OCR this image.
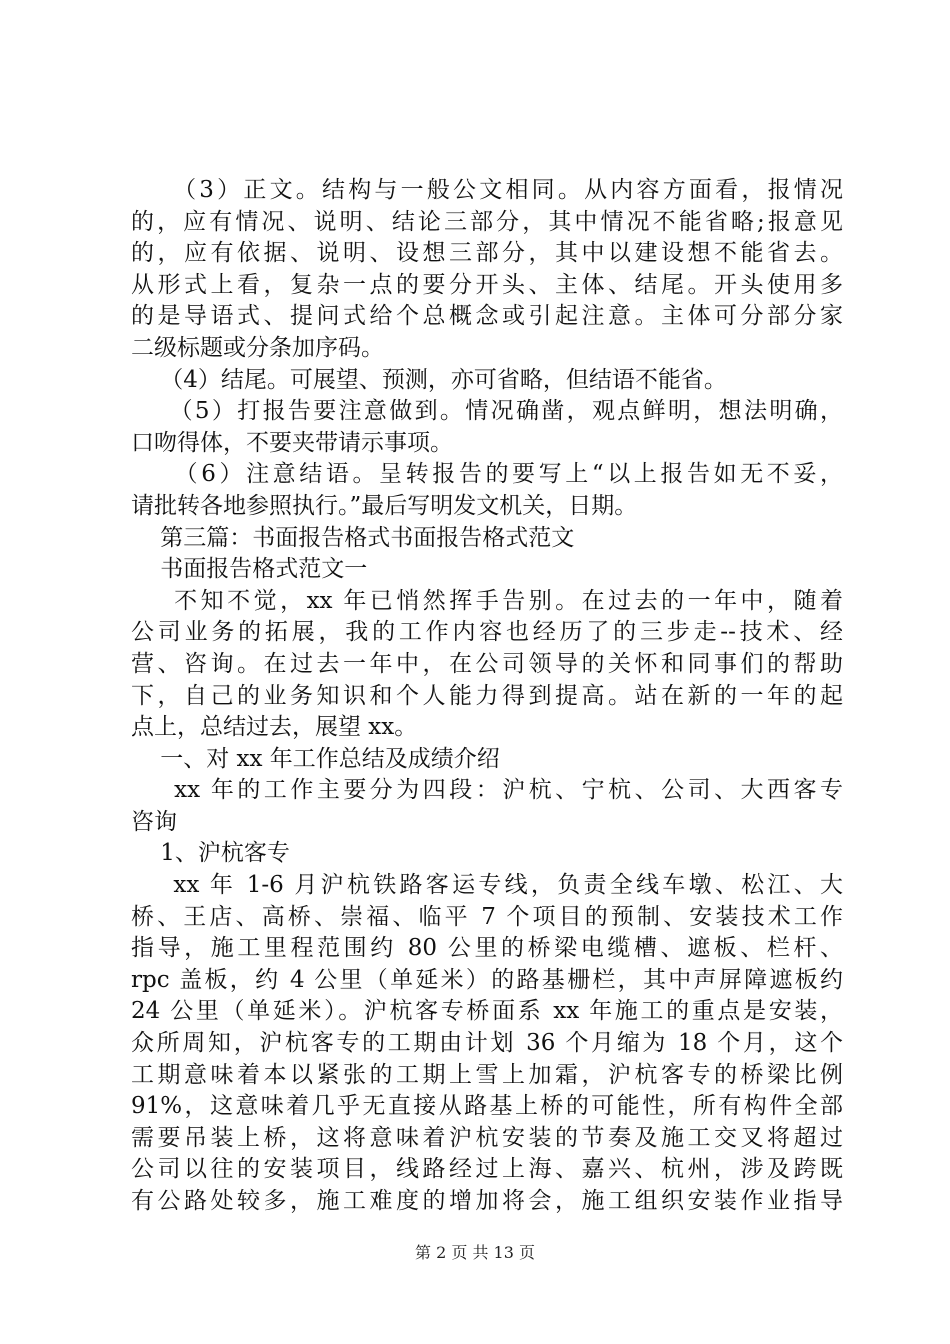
（3）正文。结构与一般公文相同。从内容方面看，报情况
的，应有情况、说明、结论三部分，其中情况不能省略;报意见
的，应有依据、说明、设想三部分，其中以建设想不能省去。
从形式上看，复杂一点的要分开头、主体、结尾。开头使用多
的是导语式、提问式给个总概念或引起注意。主体可分部分家
二级标题或分条加序码。
（4）结尾。可展望、预测，亦可省略，但结语不能省。
（5）打报告要注意做到。情况确凿，观点鲜明，想法明确，
口吻得体，不要夹带请示事项。
（6）注意结语。呈转报告的要写上“以上报告如无不妥，
请批转各地参照执行。”最后写明发文机关，日期。
第三篇：书面报告格式书面报告格式范文
书面报告格式范文一
不知不觉，xx 年已悄然挥手告别。在过去的一年中，随着
公司业务的拓展，我的工作内容也经历了的三步走--技术、经
营、咨询。在过去一年中，在公司领导的关怀和同事们的帮助
下，自己的业务知识和个人能力得到提高。站在新的一年的起
点上，总结过去，展望 xx。
一、对 xx 年工作总结及成绩介绍
xx 年的工作主要分为四段：沪杭、宁杭、公司、大西客专
咨询
1、沪杭客专
xx 年 1-6 月沪杭铁路客运专线，负责全线车墩、松江、大
桥、王店、高桥、崇福、临平 7 个项目的预制、安装技术工作
指导，施工里程范围约 80 公里的桥梁电缆槽、遮板、栏杆、
rpc 盖板，约 4 公里（单延米）的路基栅栏，其中声屏障遮板约
24 公里（单延米）。沪杭客专桥面系 xx 年施工的重点是安装，
众所周知，沪杭客专的工期由计划 36 个月缩为 18 个月，这个
工期意味着本以紧张的工期上雪上加霜，沪杭客专的桥梁比例
91%，这意味着几乎无直接从路基上桥的可能性，所有构件全部
需要吊装上桥，这将意味着沪杭安装的节奏及施工交叉将超过
公司以往的安装项目，线路经过上海、嘉兴、杭州，涉及跨既
有公路处较多，施工难度的增加将会，施工组织安装作业指导
第 2 页 共 13 页
